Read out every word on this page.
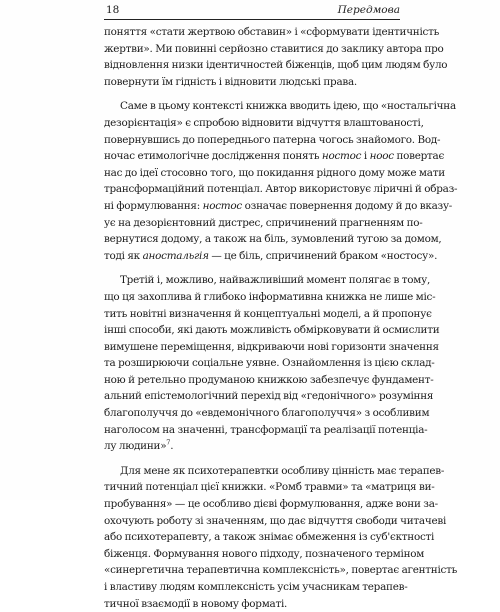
18	Передмова
поняття «стати жертвою обставин» і «сформувати ідентичність
жертви». Ми повинні серйозно ставитися до заклику автора про
відновлення низки ідентичностей біженців, щоб цим людям було
повернути їм гідність і відновити людські права.
Саме в цьому контексті книжка вводить ідею, що «ностальгічна
дезорієнтація» є спробою відновити відчуття влаштованості,
повернувшись до попереднього патерна чогось знайомого. Вод-
ночас етимологічне дослідження понять ностос і ноос повертає
нас до ідеї стосовно того, що покидання рідного дому може мати
трансформаційний потенціал. Автор використовує ліричні й образ-
ні формулювання: ностос означає повернення додому й до вказу-
ує на дезорієнтовний дистрес, спричинений прагненням по-
вернутися додому, а також на біль, зумовлений тугою за домом,
тоді як аностальгія — це біль, спричинений браком «ностосу».
Третій і, можливо, найважливіший момент полягає в тому,
що ця захоплива й глибоко інформативна книжка не лише міс-
тить новітні визначення й концептуальні моделі, а й пропонує
інші способи, які дають можливість обмірковувати й осмислити
вимушене переміщення, відкриваючи нові горизонти значення
та розширюючи соціальне уявне. Ознайомлення із цією склад-
ною й ретельно продуманою книжкою забезпечує фундамент-
альний епістемологічний перехід від «гедонічного» розуміння
благополуччя до «евдемонічного благополуччя» з особливим
наголосом на значенні, трансформації та реалізації потенціа-
лу людини»$^7$.
Для мене як психотерапевтки особливу цінність має терапев-
тичний потенціал цієї книжки. «Ромб травми» та «матриця ви-
пробування» — це особливо дієві формулювання, адже вони за-
охочують роботу зі значенням, що дає відчуття свободи читачеві
або психотерапевту, а також знімає обмеження із суб'єктності
біженця. Формування нового підходу, позначеного терміном
«синергетична терапевтична комплексність», повертає агентність
і властиву людям комплексність усім учасникам терапев-
тичної взаємодії в новому форматі.
